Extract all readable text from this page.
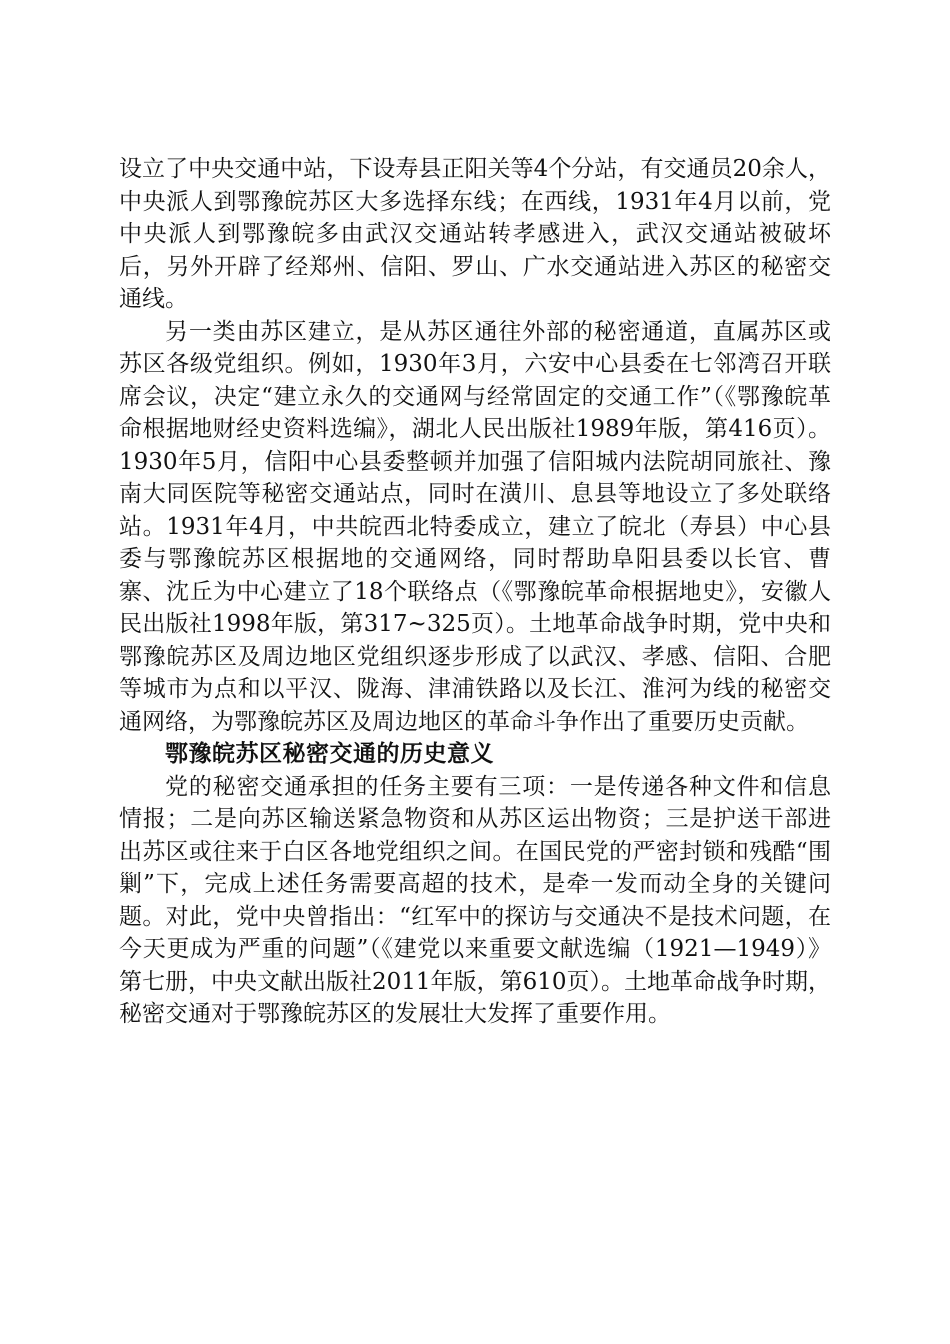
设立了中央交通中站，下设寿县正阳关等4个分站，有交通员20余人，中央派人到鄂豫皖苏区大多选择东线；在西线，1931年4月以前，党中央派人到鄂豫皖多由武汉交通站转孝感进入，武汉交通站被破坏后，另外开辟了经郑州、信阳、罗山、广水交通站进入苏区的秘密交通线。

另一类由苏区建立，是从苏区通往外部的秘密通道，直属苏区或苏区各级党组织。例如，1930年3月，六安中心县委在七邻湾召开联席会议，决定“建立永久的交通网与经常固定的交通工作”（《鄂豫皖革命根据地财经史资料选编》，湖北人民出版社1989年版，第416页）。1930年5月，信阳中心县委整顿并加强了信阳城内法院胡同旅社、豫南大同医院等秘密交通站点，同时在潢川、息县等地设立了多处联络站。1931年4月，中共皖西北特委成立，建立了皖北（寿县）中心县委与鄂豫皖苏区根据地的交通网络，同时帮助阜阳县委以长官、曹寨、沈丘为中心建立了18个联络点（《鄂豫皖革命根据地史》，安徽人民出版社1998年版，第317~325页）。土地革命战争时期，党中央和鄂豫皖苏区及周边地区党组织逐步形成了以武汉、孝感、信阳、合肥等城市为点和以平汉、陇海、津浦铁路以及长江、淮河为线的秘密交通网络，为鄂豫皖苏区及周边地区的革命斗争作出了重要历史贡献。

鄂豫皖苏区秘密交通的历史意义

党的秘密交通承担的任务主要有三项：一是传递各种文件和信息情报；二是向苏区输送紧急物资和从苏区运出物资；三是护送干部进出苏区或往来于白区各地党组织之间。在国民党的严密封锁和残酷“围剿”下，完成上述任务需要高超的技术，是牵一发而动全身的关键问题。对此，党中央曾指出：“红军中的探访与交通决不是技术问题，在今天更成为严重的问题”（《建党以来重要文献选编（1921—1949）》第七册，中央文献出版社2011年版，第610页）。土地革命战争时期，秘密交通对于鄂豫皖苏区的发展壮大发挥了重要作用。
